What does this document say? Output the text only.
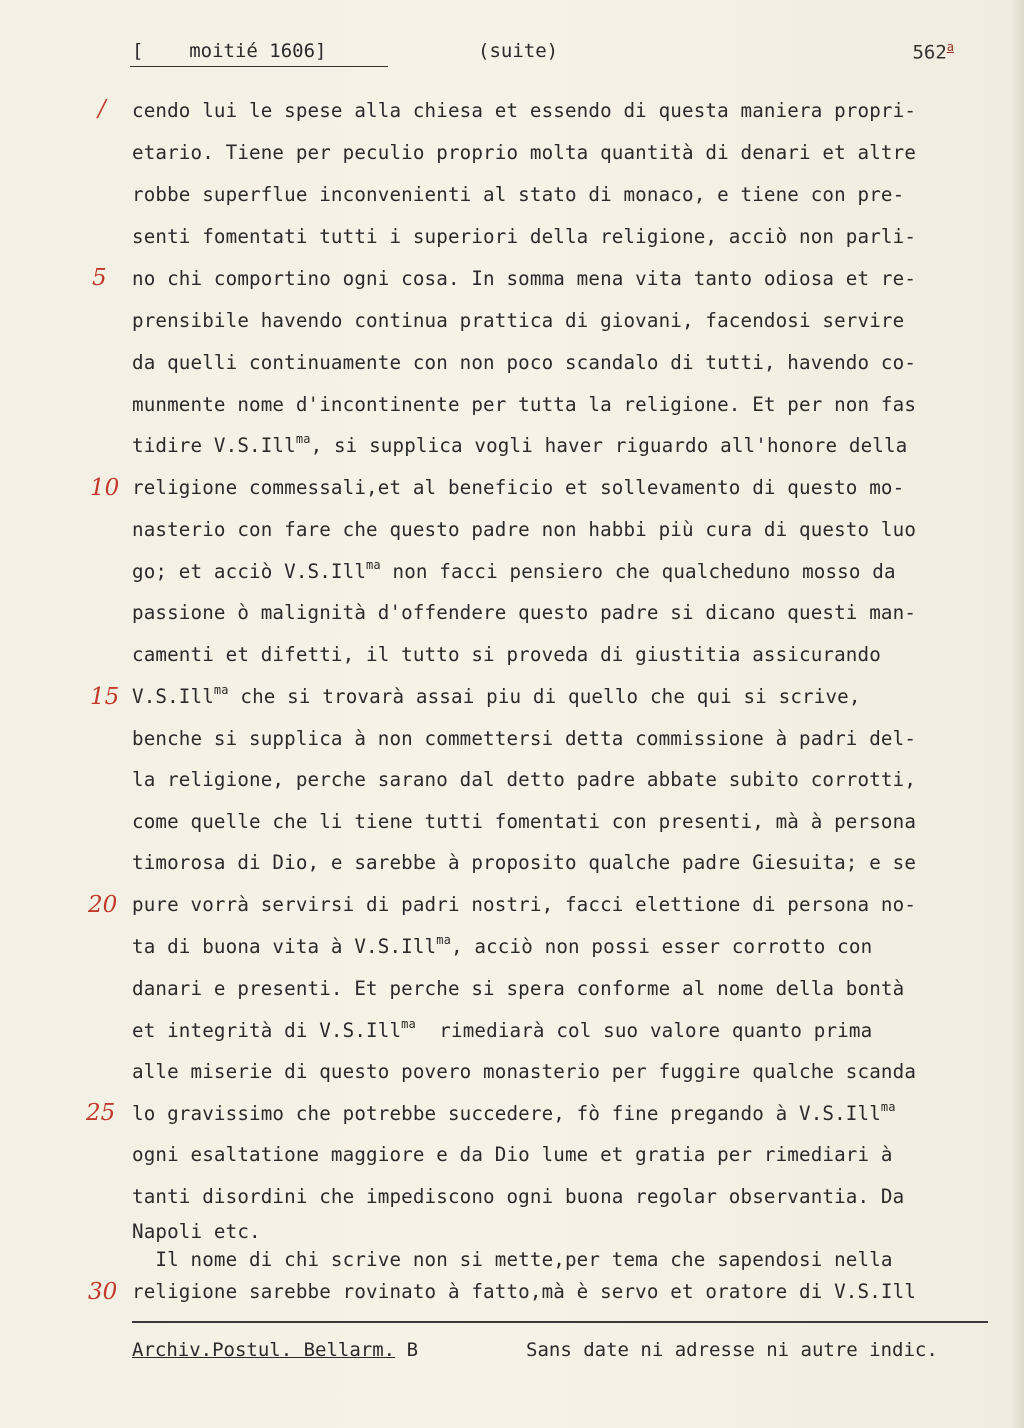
[    moitié 1606]	(suite)	562$^a$
cendo lui le spese alla chiesa et essendo di questa maniera propri-
etario. Tiene per peculio proprio molta quantità di denari et altre
robbe superflue inconvenienti al stato di monaco, e tiene con pre-
senti fomentati tutti i superiori della religione, acciò non parli-
no chi comportino ogni cosa. In somma mena vita tanto odiosa et re-
prensibile havendo continua prattica di giovani, facendosi servire
da quelli continuamente con non poco scandalo di tutti, havendo co-
munmente nome d'incontinente per tutta la religione. Et per non fas
tidire V.S.Ill$^{ma}$, si supplica vogli haver riguardo all'honore della
religione commessali,et al beneficio et sollevamento di questo mo-
nasterio con fare che questo padre non habbi più cura di questo luo
go; et acciò V.S.Ill$^{ma}$ non facci pensiero che qualcheduno mosso da
passione ò malignità d'offendere questo padre si dicano questi man-
camenti et difetti, il tutto si proveda di giustitia assicurando
V.S.Ill$^{ma}$ che si trovarà assai piu di quello che qui si scrive,
benche si supplica à non commettersi detta commissione à padri del-
la religione, perche sarano dal detto padre abbate subito corrotti,
come quelle che li tiene tutti fomentati con presenti, mà à persona
timorosa di Dio, e sarebbe à proposito qualche padre Giesuita; e se
pure vorrà servirsi di padri nostri, facci elettione di persona no-
ta di buona vita à V.S.Ill$^{ma}$, acciò non possi esser corrotto con
danari e presenti. Et perche si spera conforme al nome della bontà
et integrità di V.S.Ill$^{ma}$  rimediarà col suo valore quanto prima
alle miserie di questo povero monasterio per fuggire qualche scanda
lo gravissimo che potrebbe succedere, fò fine pregando à V.S.Ill$^{ma}$
ogni esaltatione maggiore e da Dio lume et gratia per rimediari à
tanti disordini che impediscono ogni buona regolar observantia. Da
Napoli etc.
Il nome di chi scrive non si mette,per tema che sapendosi nella
religione sarebbe rovinato à fatto,mà è servo et oratore di V.S.Ill
/
5
10
15
20
25
30
Archiv.Postul. Bellarm. B	Sans date ni adresse ni autre indic.
